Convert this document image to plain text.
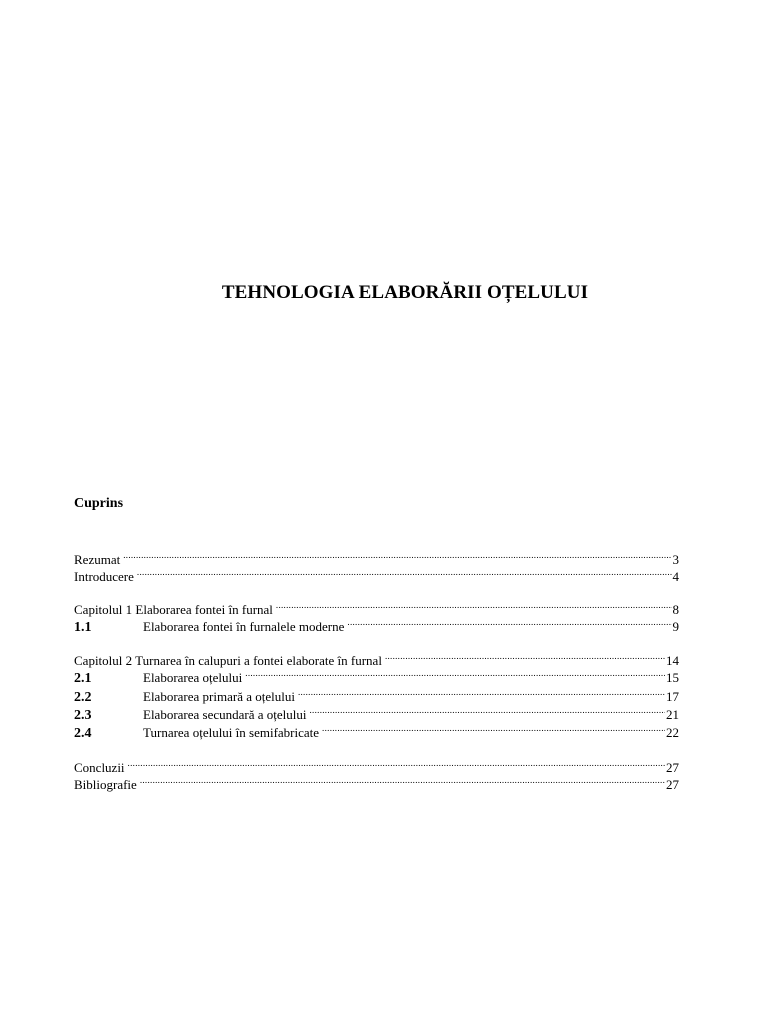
TEHNOLOGIA ELABORĂRII OȚELULUI
Cuprins
Rezumat .....	3
Introducere .....	4
Capitolul 1 Elaborarea fontei în furnal .....	8
1.1	Elaborarea fontei în furnalele moderne .....	9
Capitolul 2 Turnarea în calupuri a fontei elaborate în furnal .....	14
2.1	Elaborarea oțelului .....	15
2.2	Elaborarea primară a oțelului .....	17
2.3	Elaborarea secundară a oțelului .....	21
2.4	Turnarea oțelului în semifabricate .....	22
Concluzii .....	27
Bibliografie .....	27
